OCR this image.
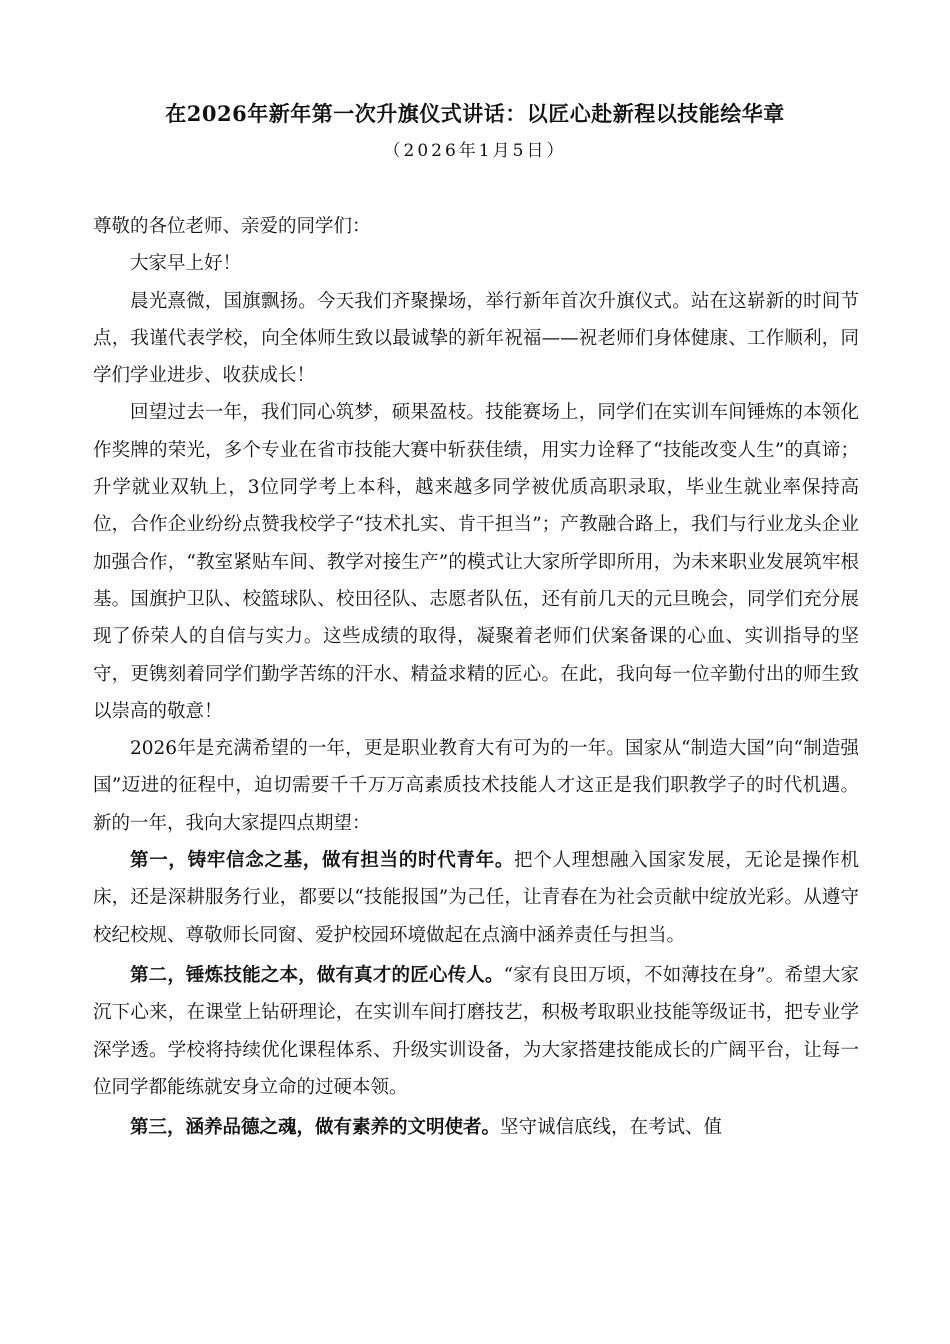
在2026年新年第一次升旗仪式讲话：以匠心赴新程以技能绘华章
（2026年1月5日）

尊敬的各位老师、亲爱的同学们：

大家早上好！

晨光熹微，国旗飘扬。今天我们齐聚操场，举行新年首次升旗仪式。站在这崭新的时间节点，我谨代表学校，向全体师生致以最诚挚的新年祝福——祝老师们身体健康、工作顺利，同学们学业进步、收获成长！

回望过去一年，我们同心筑梦，硕果盈枝。技能赛场上，同学们在实训车间锤炼的本领化作奖牌的荣光，多个专业在省市技能大赛中斩获佳绩，用实力诠释了“技能改变人生”的真谛；升学就业双轨上，3位同学考上本科，越来越多同学被优质高职录取，毕业生就业率保持高位，合作企业纷纷点赞我校学子“技术扎实、肯干担当”；产教融合路上，我们与行业龙头企业加强合作，“教室紧贴车间、教学对接生产”的模式让大家所学即所用，为未来职业发展筑牢根基。国旗护卫队、校篮球队、校田径队、志愿者队伍，还有前几天的元旦晚会，同学们充分展现了侨荣人的自信与实力。这些成绩的取得，凝聚着老师们伏案备课的心血、实训指导的坚守，更镌刻着同学们勤学苦练的汗水、精益求精的匠心。在此，我向每一位辛勤付出的师生致以崇高的敬意！

2026年是充满希望的一年，更是职业教育大有可为的一年。国家从“制造大国”向“制造强国”迈进的征程中，迫切需要千千万万高素质技术技能人才这正是我们职教学子的时代机遇。新的一年，我向大家提四点期望：

第一，铸牢信念之基，做有担当的时代青年。把个人理想融入国家发展，无论是操作机床，还是深耕服务行业，都要以“技能报国”为己任，让青春在为社会贡献中绽放光彩。从遵守校纪校规、尊敬师长同窗、爱护校园环境做起在点滴中涵养责任与担当。

第二，锤炼技能之本，做有真才的匠心传人。“家有良田万顷，不如薄技在身”。希望大家沉下心来，在课堂上钻研理论，在实训车间打磨技艺，积极考取职业技能等级证书，把专业学深学透。学校将持续优化课程体系、升级实训设备，为大家搭建技能成长的广阔平台，让每一位同学都能练就安身立命的过硬本领。

第三，涵养品德之魂，做有素养的文明使者。坚守诚信底线，在考试、值
